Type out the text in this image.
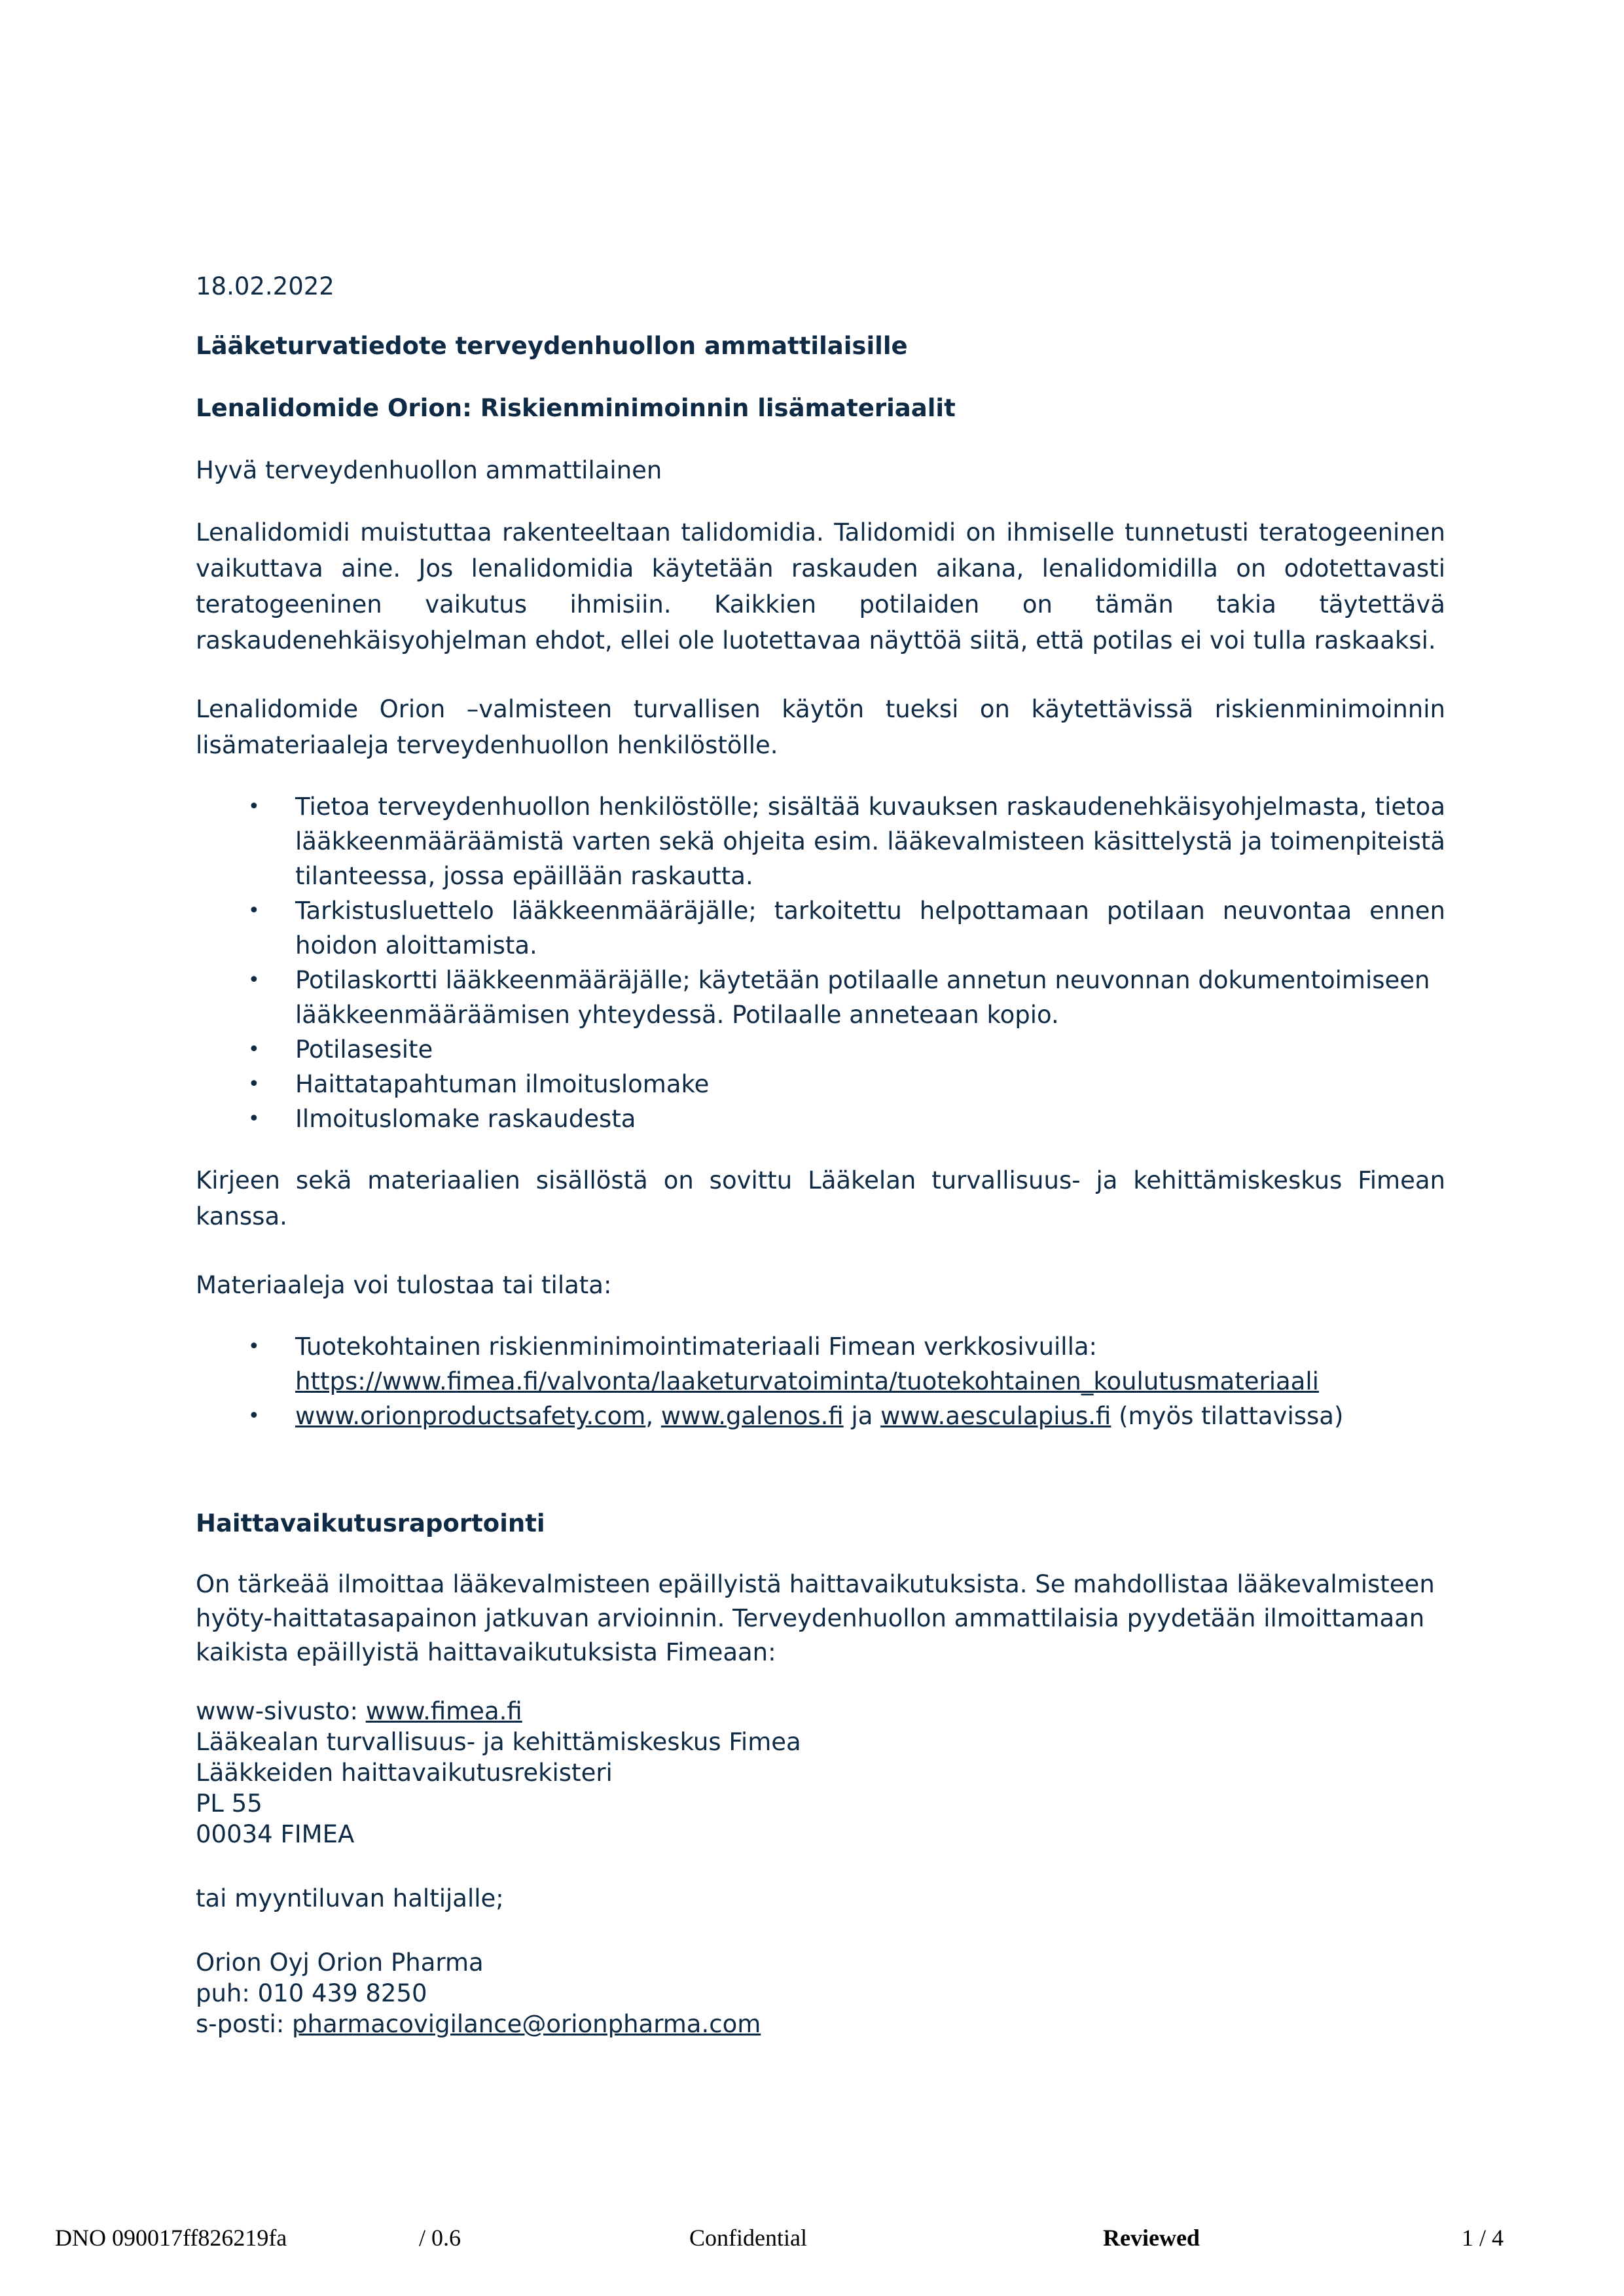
18.02.2022

Lääketurvatiedote terveydenhuollon ammattilaisille

Lenalidomide Orion: Riskienminimoinnin lisämateriaalit

Hyvä terveydenhuollon ammattilainen

Lenalidomidi muistuttaa rakenteeltaan talidomidia. Talidomidi on ihmiselle tunnetusti teratogeeninen vaikuttava aine. Jos lenalidomidia käytetään raskauden aikana, lenalidomidilla on odotettavasti teratogeeninen vaikutus ihmisiin. Kaikkien potilaiden on tämän takia täytettävä raskaudenehkäisyohjelman ehdot, ellei ole luotettavaa näyttöä siitä, että potilas ei voi tulla raskaaksi.

Lenalidomide Orion –valmisteen turvallisen käytön tueksi on käytettävissä riskienminimoinnin lisämateriaaleja terveydenhuollon henkilöstölle.

• Tietoa terveydenhuollon henkilöstölle; sisältää kuvauksen raskaudenehkäisyohjelmasta, tietoa lääkkeenmääräämistä varten sekä ohjeita esim. lääkevalmisteen käsittelystä ja toimenpiteistä tilanteessa, jossa epäillään raskautta.
• Tarkistusluettelo lääkkeenmääräjälle; tarkoitettu helpottamaan potilaan neuvontaa ennen hoidon aloittamista.
• Potilaskortti lääkkeenmääräjälle; käytetään potilaalle annetun neuvonnan dokumentoimiseen lääkkeenmääräämisen yhteydessä. Potilaalle anneteaan kopio.
• Potilasesite
• Haittatapahtuman ilmoituslomake
• Ilmoituslomake raskaudesta

Kirjeen sekä materiaalien sisällöstä on sovittu Lääkelan turvallisuus- ja kehittämiskeskus Fimean kanssa.

Materiaaleja voi tulostaa tai tilata:

• Tuotekohtainen riskienminimointimateriaali Fimean verkkosivuilla:
https://www.fimea.fi/valvonta/laaketurvatoiminta/tuotekohtainen_koulutusmateriaali
• www.orionproductsafety.com, www.galenos.fi ja www.aesculapius.fi (myös tilattavissa)

Haittavaikutusraportointi

On tärkeää ilmoittaa lääkevalmisteen epäillyistä haittavaikutuksista. Se mahdollistaa lääkevalmisteen hyöty-haittatasapainon jatkuvan arvioinnin. Terveydenhuollon ammattilaisia pyydetään ilmoittamaan kaikista epäillyistä haittavaikutuksista Fimeaan:

www-sivusto: www.fimea.fi

Lääkealan turvallisuus- ja kehittämiskeskus Fimea

Lääkkeiden haittavaikutusrekisteri

PL 55

00034 FIMEA

tai myyntiluvan haltijalle;

Orion Oyj Orion Pharma

puh: 010 439 8250

s-posti: pharmacovigilance@orionpharma.com

DNO 090017ff826219fa	/ 0.6	Confidential	Reviewed	1 / 4
